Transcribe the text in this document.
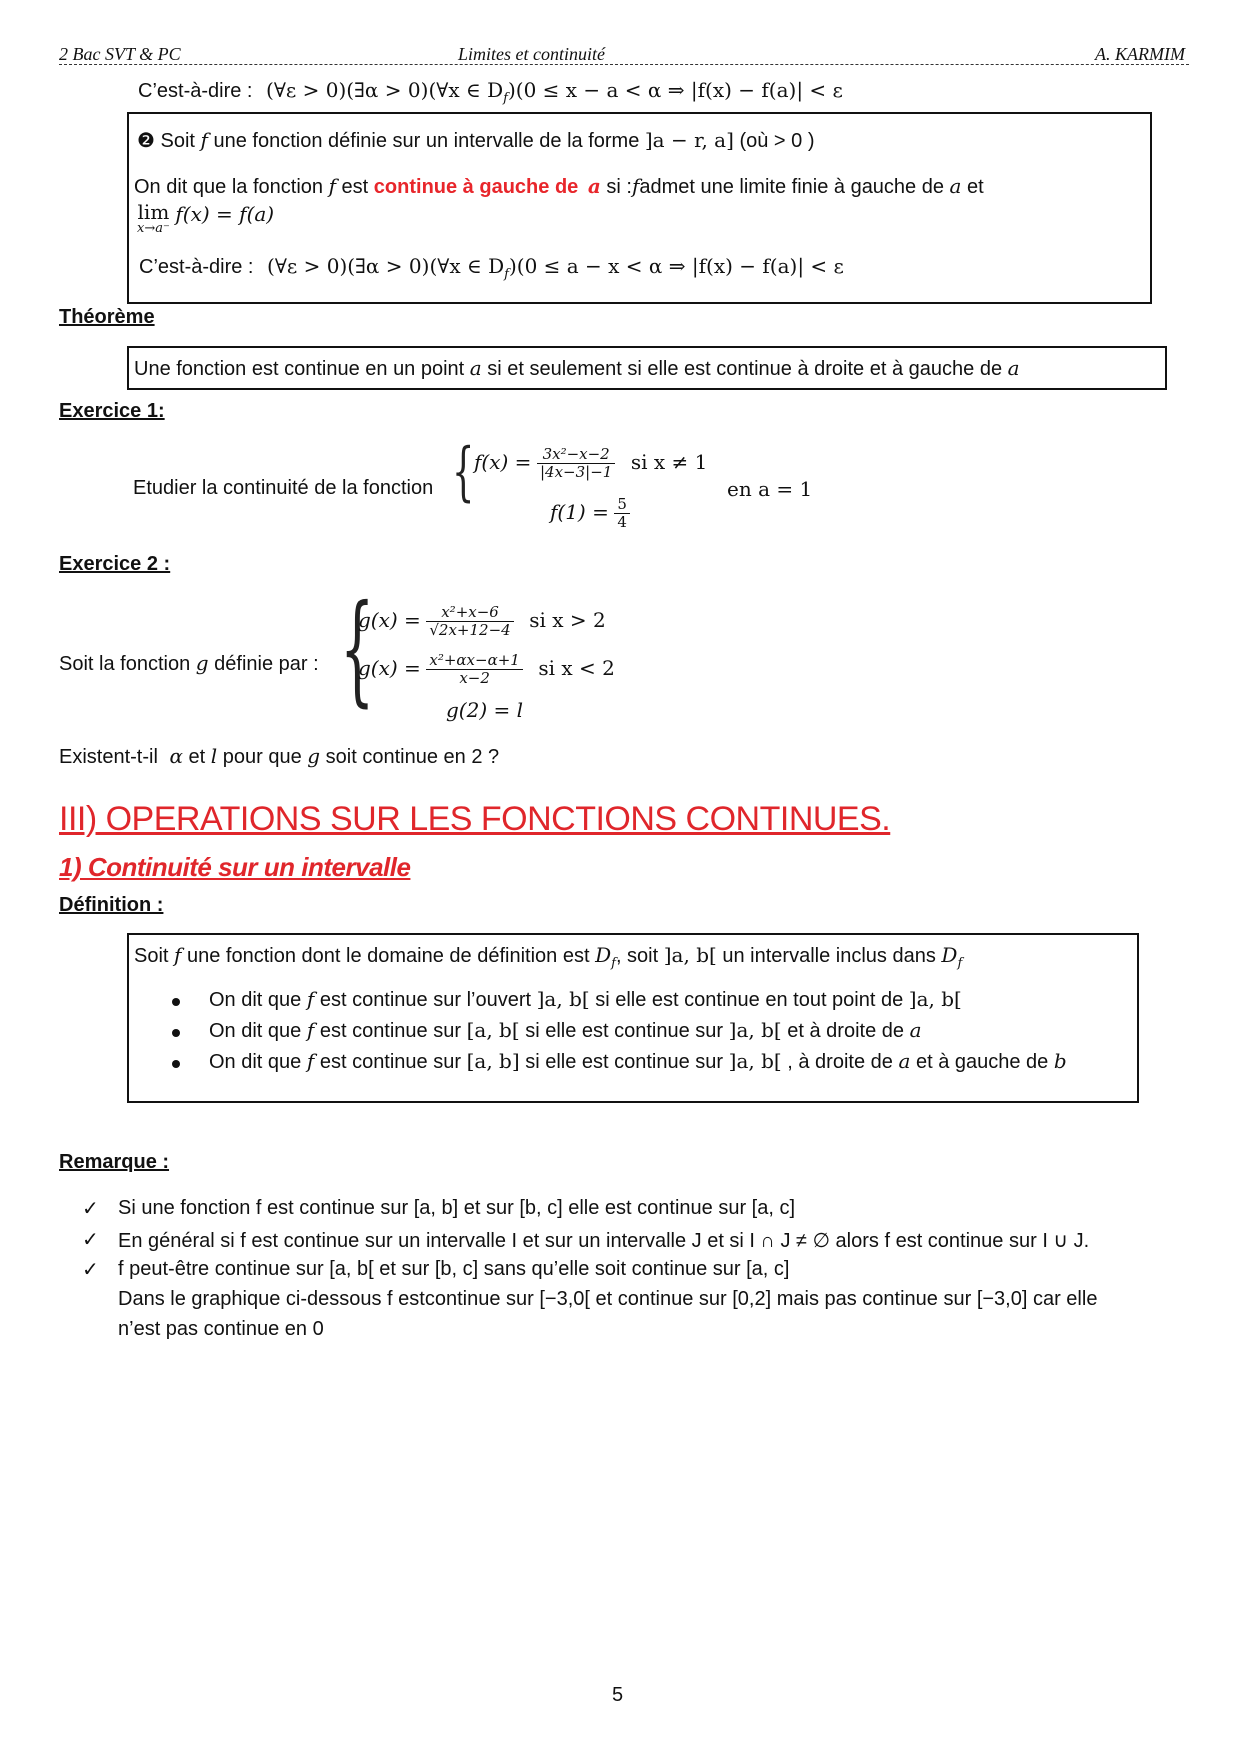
2 Bac SVT & PC	Limites et continuité	A. KARMIM
C’est-à-dire : (∀ε > 0)(∃α > 0)(∀x ∈ $D_f)(0 \le x - a < \alpha$ ⇒ |f(x) − f(a)| < ε
❷ Soit f une fonction définie sur un intervalle de la forme ]a − r, a] (où > 0 )
On dit que la fonction f est continue à gauche de a si :fadmet une limite finie à gauche de a et
lim
x→a⁻
f(x) = f(a)
C’est-à-dire : (∀ε > 0)(∃α > 0)(∀x ∈ $D_f)(0 \le a - x < \alpha$ ⇒ |f(x) − f(a)| < ε
Théorème
Une fonction est continue en un point a si et seulement si elle est continue à droite et à gauche de a
Exercice 1:
Etudier la continuité de la fonction { $f(x) = \frac{\text{3x²−x−2}}{|4x-3|-1}$ si x ≠ 1
$f(1) = \frac{5}{4}$
en a = 1
Exercice 2 :
Soit la fonction g définie par : {
$g(x) = \frac{\text{x²+x−6}}{√2x+12-4}$ si x > 2
$g(x) = \frac{\text{x²+αx−α+1}}{x-2}$ si x < 2
g(2) = l
Existent-t-il α et l pour que g soit continue en 2 ?
III) OPERATIONS SUR LES FONCTIONS CONTINUES.
1) Continuité sur un intervalle
Définition :
Soit f une fonction dont le domaine de définition est $D_f$, soit ]a, b[ un intervalle inclus dans $D_f$
On dit que f est continue sur l’ouvert ]a, b[ si elle est continue en tout point de ]a, b[
On dit que f est continue sur [a, b[ si elle est continue sur ]a, b[ et à droite de a
On dit que f est continue sur [a, b] si elle est continue sur ]a, b[ , à droite de a et à gauche de b
Remarque :
✓ Si une fonction f est continue sur [a, b] et sur [b, c] elle est continue sur [a, c]
✓ En général si f est continue sur un intervalle I et sur un intervalle J et si I ∩ J ≠ ∅ alors f est continue sur I ∪ J.
✓ f peut-être continue sur [a, b[ et sur [b, c] sans qu’elle soit continue sur [a, c]
Dans le graphique ci-dessous f estcontinue sur [−3,0[ et continue sur [0,2] mais pas continue sur [−3,0] car elle
n’est pas continue en 0
5
